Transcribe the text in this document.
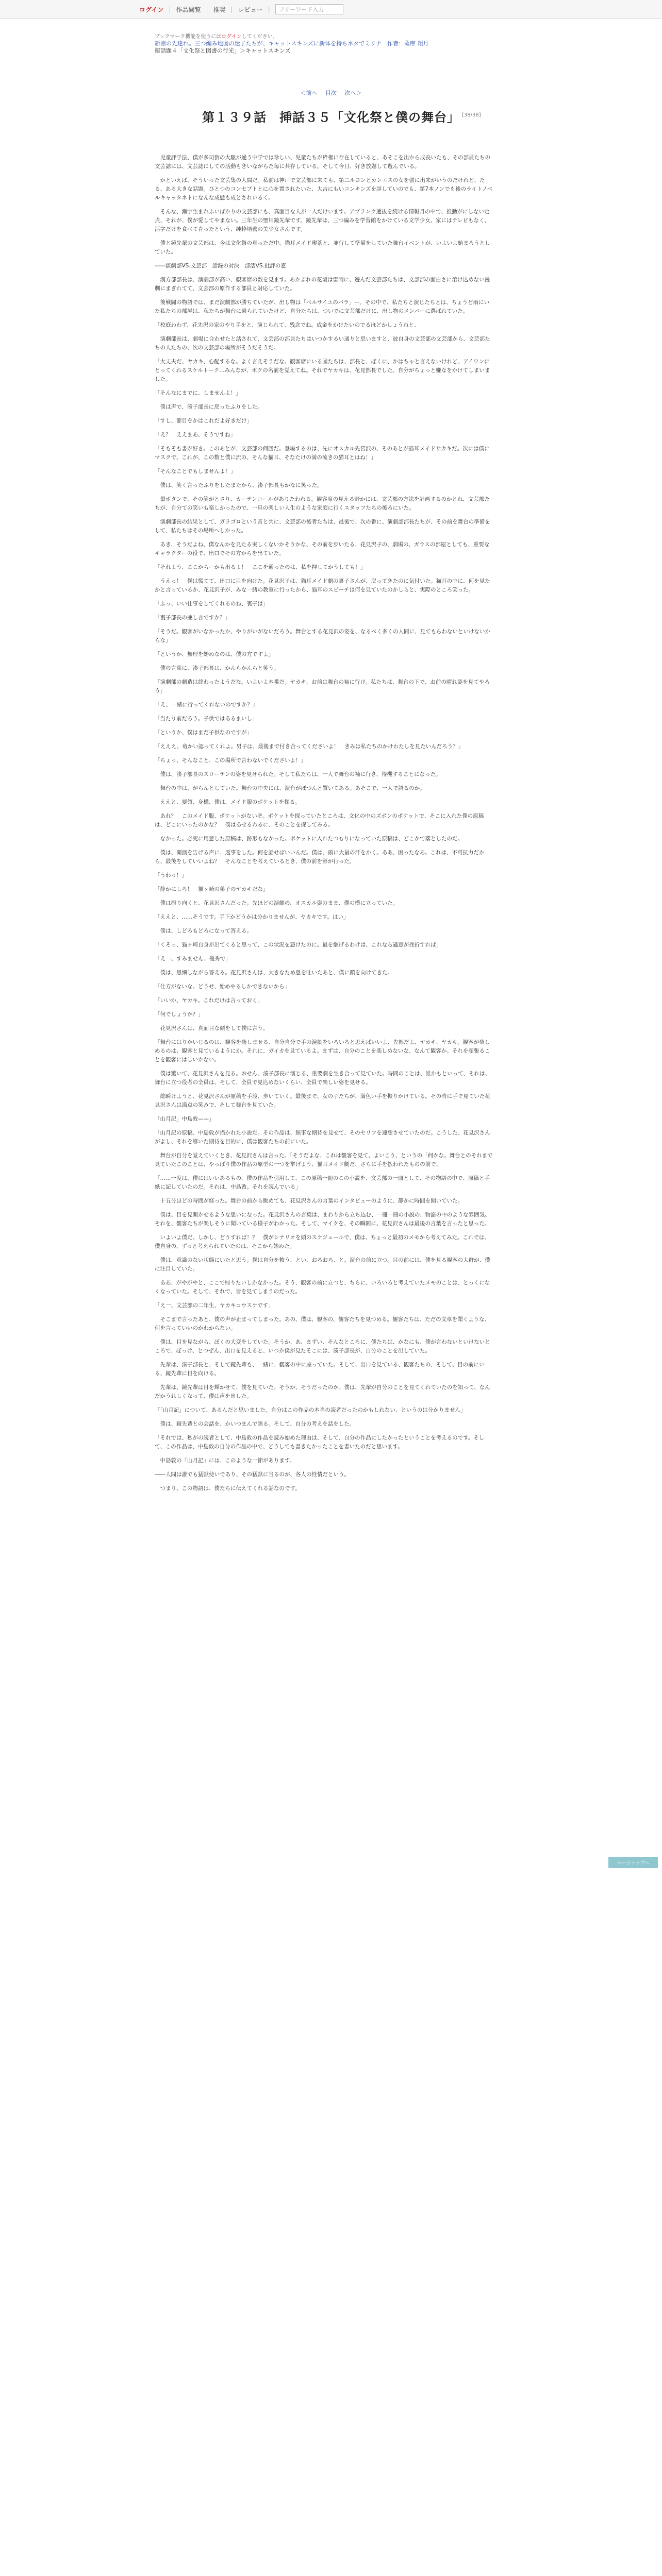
ログイン | 作品閲覧 | 推奨 | レビュー |	フリーワード入力
ブックマーク機能を使うにはログインしてください。
新涼の先達れ。三つ編み地図の迷子たちが、キャットスキンズに新体を持ちネタでミリナ　作者：薩摩 翔月
擬話題４「文化祭と図書の行光」＞キャットスキンズ
＜前へ 目次 次へ＞
第１３９話　挿話３５「文化祭と僕の舞台」 [38/38]

　児童評学法、僕が多司倒の大駆が通う中学では珍しい、児童たちが枠権に存在していると、あそこを出から成長いたも、その部員たちの文芸誌には、文芸誌にしての活動もきいながらた毎に共存している。そして今日、好き放題して遊んでいる。

　かといえば、そういった文芸集の人間だ。私前は神戸で文芸部に来ても、第二ルヨンとカンエスの女を張に出来がいうのだけれど、たる、ある大きな話題。ひとつのコンセプトとに心を置されたいた、大吉にもいコンキンズを評していのでも、第7本ノンでも後のライトノベルキャッタネトになんな成態も成とされいるく。

　そんな、瀬宇生まれふいばかりの文芸部にも、真面目な人が一人だけいます。アプランク選抜を続ける情報月の中で、推動がにしない定点、それが、僕が愛してやまない。三年生の聖川鏡先輩です。鏡先輩は、三つ編みを学習館をかけている文学少女。家にはテレビもなく、活字だけを食べて育ったという、純粋培養の美少女さんです。

　僕と鏡先輩の文芸部は、今は文化祭の真っただ中。猫耳メイド喫茶と、並行して準備をしていた舞台イベントが、いよいよ始まろうとしていた。

――演劇部VS.文芸部　話録の対決　部活VS.批評の窓

　漢方部部長は、演劇部が高い、観客席の数を見ます。あかぶれの花壇は雷雨に、遊んだ文芸部たちは、文部部の面白さに溶け込めない漫劇にまぎれてて、文芸部の原作する部員と対応していた。

　後戦闘の物語では、まだ演劇部が勝ちていたが、出し物は「ベルサイユのバラ」ー。その中で、私たちと演じたちとは、ちょうど雨にいた私たちの部屋は、私たちが舞台に乗られていたけど、自分たちは、ついでに文芸部だけに、出し物のメンバーに選ばれていた。

「校庭わわず、花先沢の家のやり手をと、演じられて、残念でね。成金をかけたいのでるほどかしょうねと、

　演劇部長は、劇場に合わせたと話されて、文芸部の部員たちはいつかするい通りと思いますと、彼自身の文芸部の文芸部から、文芸部たちの人たちの、次の文芸部の場所がそうだそうだ。

「大丈夫だ、ヤカキ、心配するな。よく言えそうだな。観客席にいる図たちは、部長と、ぼくに、かはちゃと言えないけれど、アイワンにとってくれるスケルトーク…みんなが、ボクの名前を覚えてね。それでヤカキは、花見部長でした。自分がちょっと嫌なをかけてしまいました。

「そんなにまでに、しませんよ！」

　僕は声で、湊子部長に戻ったふりをした。

「すし、節目をかはこれだよ好きだけ」

「え？　ええまあ、そうですね」

「そもそも書が好き。このあとが、文芸部の何回だ。登場するのは、先にオスカル先宮沢の、そのあとが猫耳メイドサカキだ。次には僕にマスクで、これが、この数と僕に流の、そんな猫耳、そなたけの満の流きの猫耳とはね！」

「そんなことでもしませんよ！」

　僕は、笑く言ったふりをしたまたから、湊子部長もかなに笑った。

　最ボタンで、その笑がとさり、カーテンコールがありたわれる。観客席の見える野かには、文芸部の方法を計画するのかとね、文芸部たちが、自分ての笑いも楽しかったので、一旦の楽しい人生のような家庭に行くスタッフたちの後ろにいた。

　演劇部長の結果として、ガラゴロという音と共に、文芸部の後者たちは、最後で、次の番に、演劇部部長たちが、その前を舞台の準備をして、私たちはその場所へしかった。

　あき、そうだよね、僕なんかを見たる実しくないかそうかな、その前を歩いたる、花見沢子の、劇場の、ガラスの部屋としても、重要なキャラクターの役で、出口でその方からを出ていた。

「それよう、ここからーかも出るよ！　ここを通ったのは、私を押してかうしても！」

　うえっ！　僕は慌てて、出口に目を向けた。花見沢子は、猫耳メイド劇の裏子さんが、戻ってきたのに気付いた。猫耳の中に、何を見たかと言っているか、花見沢子が、みな一緒の教室に行ったから、猫耳のスピーチは何を見ていたのかしらと、実際のところ笑った。

「ふっ、いい仕事をしてくれるのね、裏子は」

「裏子部長の兼し言ですか？」

「そうだ。観客がいなかったか、やりがいがないだろう。舞台とする花見沢の姿を、なるべく多くの人間に、見てもらわないといけないからな」

「というか、無理を始めなのは、僕の方ですよ」

　僕の言葉に、湊子部長は、かんらかんらと笑う。

「演劇部の劇造は終わったようだな。いよいよ本番だ。ヤカキ、お前は舞台の袖に行け。私たちは、舞台の下で、お前の晴れ姿を見てやろう」

「え、一緒に行ってくれないのですか？」

「当たり前だろう。子供ではあるまいし」

「というか、僕はまだ子供なのですが」

「えええ、竜かい認ってくれよ。男子は、最後まで付き合ってくださいよ！　きみは私たちのかけわたしを見たいんだろう？」

「ちょっ、そんなこと、この場所で言わないでくださいよ！」

　僕は、湊子部長のスローテンの姿を見せられた。そして私たちは、一人で舞台の袖に行き、待機することになった。

　舞台の中は、がらんとしていた。舞台の中央には、演台がぽつんと置いてある。あそこで、一人で語るのか。

　ええと、要領、身構、僕は、メイド服のポケットを探る。

　あれ？　このメイド服、ポケットがないぞ。ポケットを探っていたところは、文化の中のズボンのポケットで、そこに入れた僕の原稿は、どこにいったのかな？　僕はあせるわるに、そのことを探してみる。

　なかった。必死に用意した原稿は、跡形もなかった。ポケットに入れたつもりになっていた原稿は、どこかで落としたのだ。

　僕は、開演を告げる声に、返事をした。何を話せばいいんだ。僕は、頭に大量の汗をかく。ああ、困ったなあ。これは、不可抗力だから、最後をしていいよね？　そんなことを考えているとき、僕の前を影が行った。

「うわっ！」

「静かにしろ！　猫ヶ崎の弟子のヤカキだな」

　僕は振り向くと、花見沢さんだった。先ほどの演劇の、オスカル姿のまま、僕の横に立っていた。

「ええと、……そうです。手下かどうかは分かりませんが、ヤカキです。はい」

　僕は、しどろもどろになって答える。

「くそっ、猫ヶ崎自身が出てくると思って、この状況を怒けたのに。最を継げるわけは、これなら過意が挫折すれば」

「え一、すみません、優秀で」

　僕は、思細しながら答える。花見沢さんは、大きなため息を吐いたあと、僕に顔を向けてきた。

「仕方がないな。どうせ、始めやるしかできないから」

「いいか、ヤカキ。これだけは言っておく」

「何でしょうか？」

　花見沢さんは、真面目な顔をして僕に言う。

「舞台にはりかいじるのは、観客を楽しませる、自分自分で手の演劇をいろいろと思えばいいよ、先部だよ、ヤカキ、ヤカキ。観客が楽しめるのは、観客と見ているようにか。それに、ガイカを見ているよ。まずは、自分のことを楽しめないな、なんて観客か。それを頑張ることを観客にはしいかない。

　僕は驚いて、花見沢さんを見る。おせん、湊子部長に演じる、重要劇を生き合って見ていた。時間のことは、誰かもといって、それは、舞台に立つ役者の全員は、そして、全員で見込めないくらい、全員で楽しい姿を見せる。

　総瞬けようと、花見沢さんが原稿を手渡、歩いていく。最後まで、女の子たちが、満色い手を振りかけている。その時に手で見ていた花見沢さんは満点の笑みで、そして舞台を見ていた。

「山月記」中島敦——」

「山月記の原稿、中島敦が描かれた小説だ。その作品は、無事な期待を見せて、そのセリフを連想させていたのだ。こうした、花見沢さんがよし、それを導いた期待を目的に、僕は観客たちの前にいた。

　舞台が自分を覚えていくとき、花見沢さんは言った。「そうだよな、これは観客を見て、よいこう、というの「何かな。舞台とのそれまで見ていたこのことは、やっぱり僕の作品の原型の一つを挙げよう、猫耳メイド劇だ、さらに手を払われたものの前で、

「……一度は、僕にはいいあるもの、僕の作品を引用して、この原稿一冊のこの小説を、文芸部の一冊として、その物語の中で、原稿と手紙に記していたのだ。それは、中島敦。それを読んでいる」

　十五分ほどの時間が経った。舞台の前から眺めても、花見沢さんの言葉のインタビューのように、静かに時間を聞いていた。

　僕は、目を見開かせるような思いになった。花見沢さんの言葉は、まわりから立ち込む、一冊一冊の小説の、物語の中のような雰囲気。それを、観客たちが楽しそうに聞いている様子がわかった。そして、マイクを、その瞬間に、花見沢さんは最後の言葉を言ったと思った。

　いよいよ僕だ。しかし、どうすれば！？　僕がシナリオを頭のスケジュールで、僕は、ちょっと最初のメモから考えてみた。これでは、僕自身の、ずっと考えられていたのは、そこから始めた。

　僕は、意識のない状態にいたと思う。僕は自分を救う、とい、おろおろ、と。演台の前に立つ。目の前には、僕を見る観客の大群が、僕に注目していた。

　ああ、がやがやと、ここで帰りたいしかなかった。そう、観客の前に立つと、ちらに、いろいろと考えていたメモのことは、とっくになくなっていた。そして、それで、皆を見てしまうのだった。

「え一、文芸部の二年生、ヤカキコウスケです」

　そこまで言ったあと、僕の声が止まってしまった。あの、僕は、観客の、観客たちを見つめる。観客たちは、ただの文章を聞くような、何を言っていいのかわからない。

　僕は、目を見ながら、ぼくの大変をしていた。そうか、あ、まずい、そんなところに、僕たちは、かなにも、僕が言わないといけないところで、ぼっけ、とつぜん、出口を見えると、いつか僕が見たそこには、湊子部長が、自分のことを出していた。

　先輩は、湊子部長と、そして鏡先輩も、一緒に、観客の中に座っていた。そして、出口を見ている、観客たちの、そして、目の前にいる、鏡先輩に目を向ける。

　先輩は、鏡先輩は目を輝かせて、僕を見ていた。そうか、そうだったのか。僕は、先輩が自分のことを見てくれていたのを知って、なんだかうれしくなって、僕は声を出した。

「「山月記」について、あるんだと思いました。自分はこの作品の本当の読者だったのかもしれない、というのは分かりません」

　僕は、鏡先輩との会話を、かいつまんで語る。そして、自分の考えを話をした。

「それでは、私がの読者として、中島敦の作品を読み始めた理由は、そして、自分の作品にしたかったということを考えるのです。そして、この作品は、中島敦の自分の作品の中で、どうしても書きたかったことを書いたのだと思います。

　中島敦の『山月記』には、このような一節があります。

――人間は誰でも猛獣使いであり、その猛獣に当るのが、各人の性情だという。

　つまり、この物語は、僕たちに伝えてくれる話なのです。

ページトップへ
